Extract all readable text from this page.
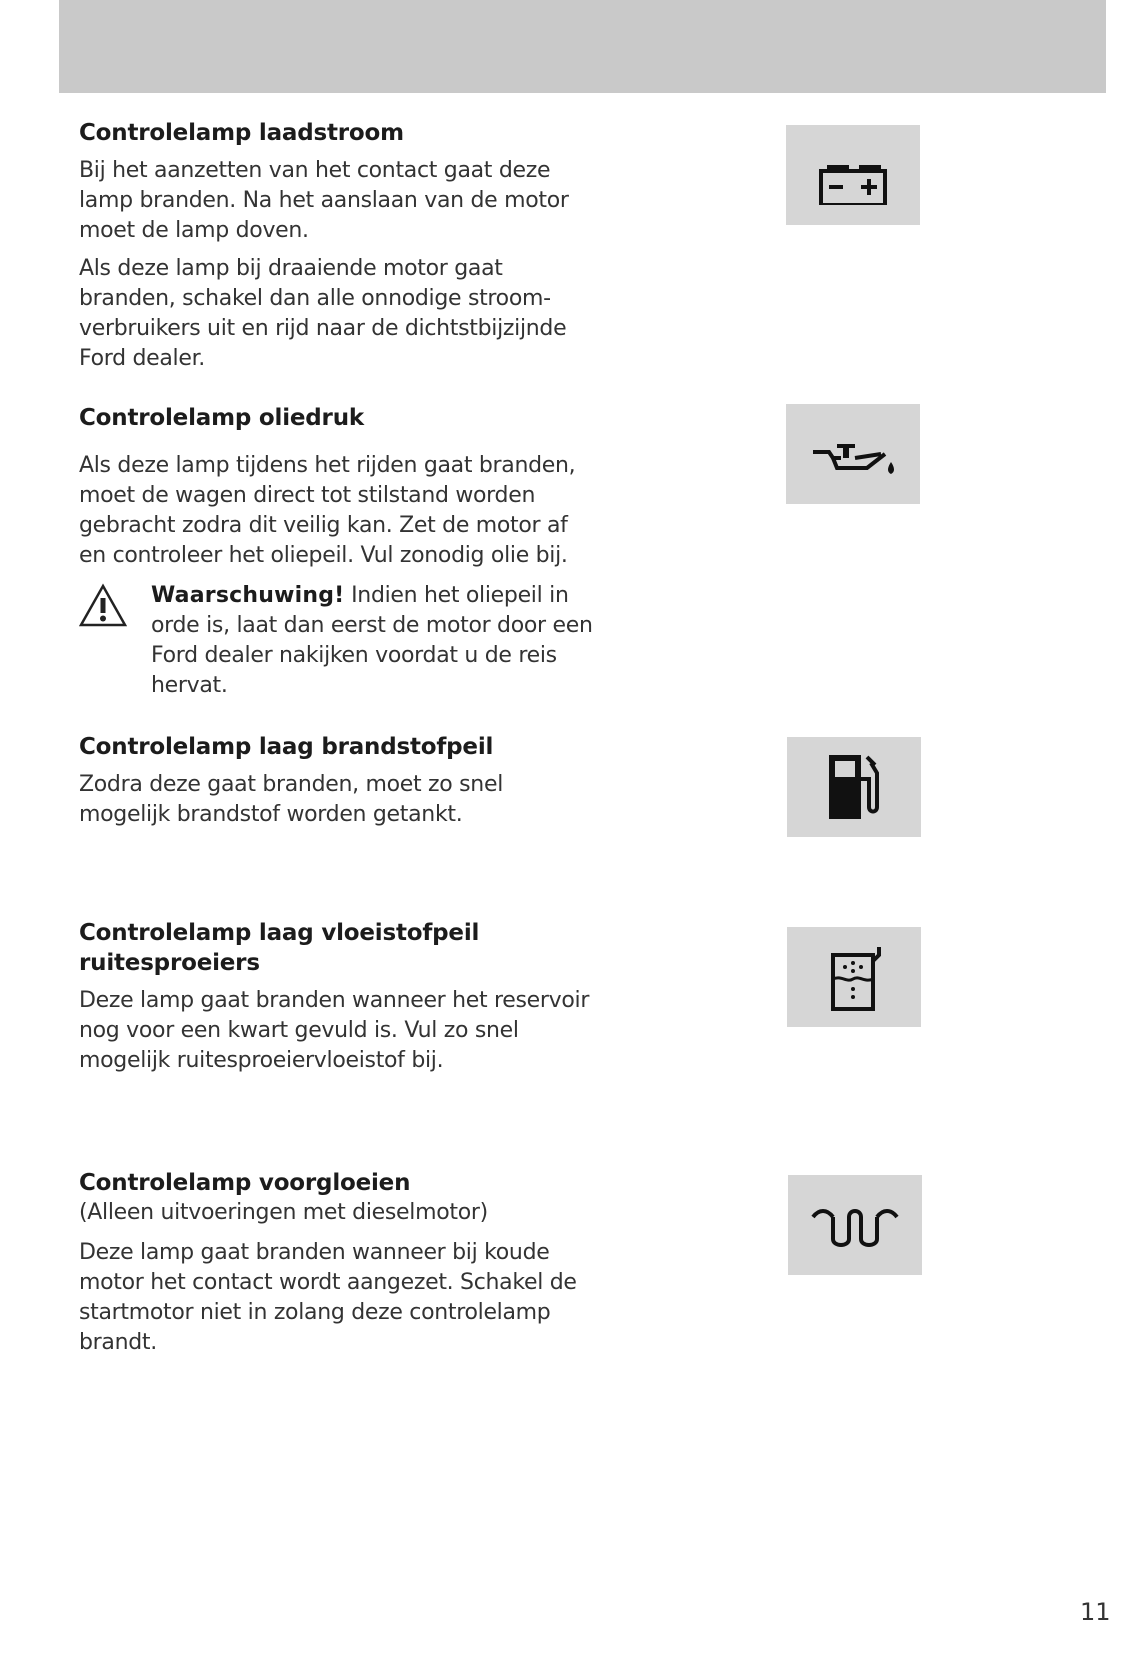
Controlelamp laadstroom

Bij het aanzetten van het contact gaat deze lamp branden. Na het aanslaan van de motor moet de lamp doven.

Als deze lamp bij draaiende motor gaat branden, schakel dan alle onnodige stroom-verbruikers uit en rijd naar de dichtstbijzijnde Ford dealer.

Controlelamp oliedruk

Als deze lamp tijdens het rijden gaat branden, moet de wagen direct tot stilstand worden gebracht zodra dit veilig kan. Zet de motor af en controleer het oliepeil. Vul zonodig olie bij.

Waarschuwing! Indien het oliepeil in orde is, laat dan eerst de motor door een Ford dealer nakijken voordat u de reis hervat.

Controlelamp laag brandstofpeil

Zodra deze gaat branden, moet zo snel mogelijk brandstof worden getankt.

Controlelamp laag vloeistofpeil ruitesproeiers

Deze lamp gaat branden wanneer het reservoir nog voor een kwart gevuld is. Vul zo snel mogelijk ruitesproeiervloeistof bij.

Controlelamp voorgloeien

(Alleen uitvoeringen met dieselmotor)

Deze lamp gaat branden wanneer bij koude motor het contact wordt aangezet. Schakel de startmotor niet in zolang deze controlelamp brandt.

11
